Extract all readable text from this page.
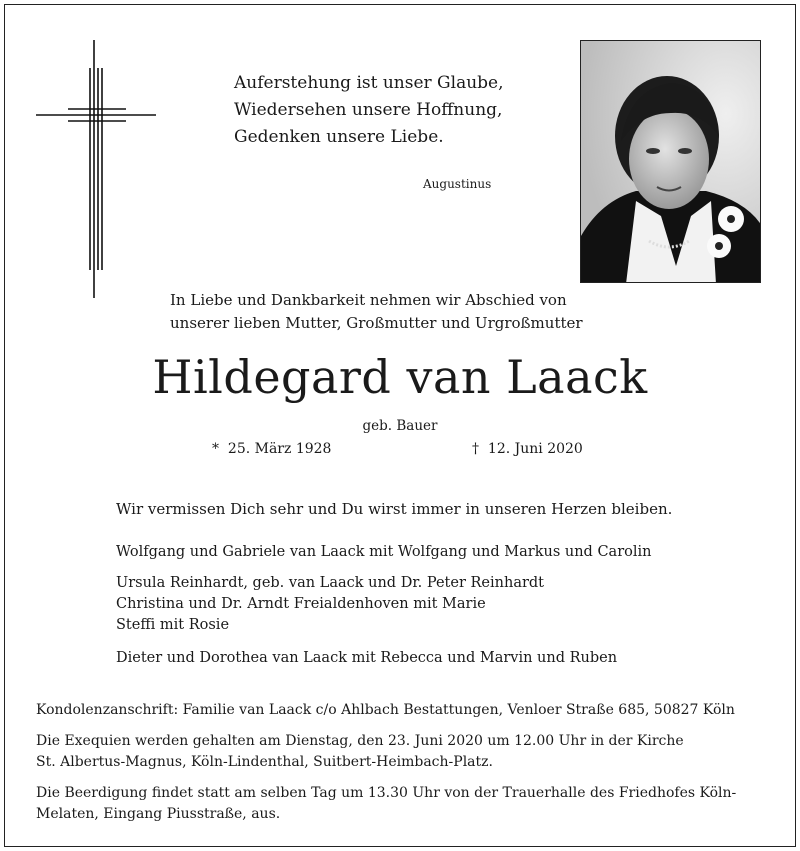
Auferstehung ist unser Glaube,
Wiedersehen unsere Hoffnung,
Gedenken unsere Liebe.
Augustinus
In Liebe und Dankbarkeit nehmen wir Abschied von
unserer lieben Mutter, Großmutter und Urgroßmutter
Hildegard van Laack
geb. Bauer
* 25. März 1928	† 12. Juni 2020
Wir vermissen Dich sehr und Du wirst immer in unseren Herzen bleiben.
Wolfgang und Gabriele van Laack mit Wolfgang und Markus und Carolin
Ursula Reinhardt, geb. van Laack und Dr. Peter Reinhardt
Christina und Dr. Arndt Freialdenhoven mit Marie
Steffi mit Rosie
Dieter und Dorothea van Laack mit Rebecca und Marvin und Ruben
Kondolenzanschrift: Familie van Laack c/o Ahlbach Bestattungen, Venloer Straße 685, 50827 Köln
Die Exequien werden gehalten am Dienstag, den 23. Juni 2020 um 12.00 Uhr in der Kirche
St. Albertus-Magnus, Köln-Lindenthal, Suitbert-Heimbach-Platz.
Die Beerdigung findet statt am selben Tag um 13.30 Uhr von der Trauerhalle des Friedhofes Köln-
Melaten, Eingang Piusstraße, aus.
